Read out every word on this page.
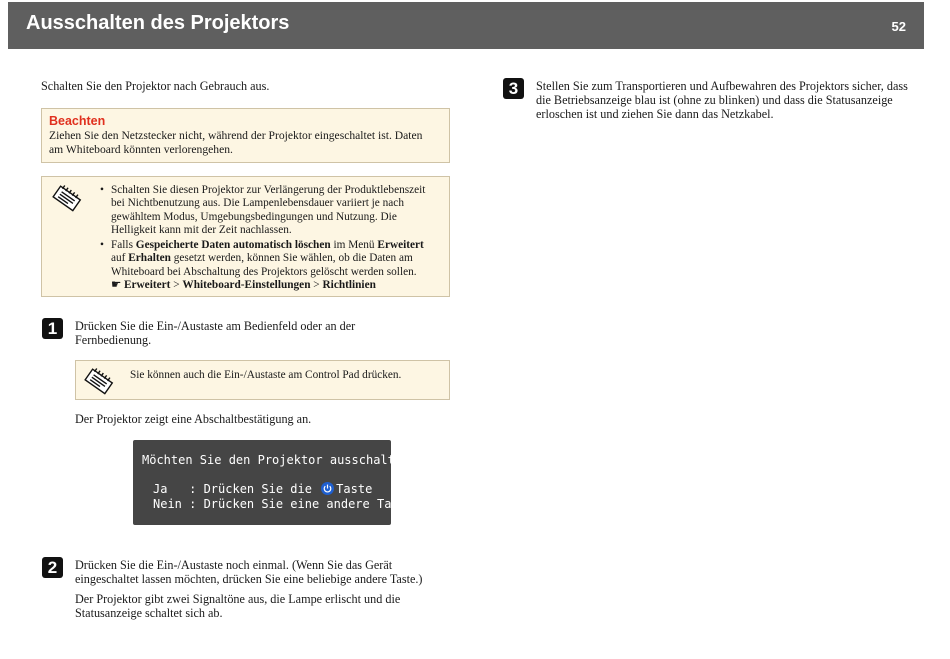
Ausschalten des Projektors	52

Schalten Sie den Projektor nach Gebrauch aus.

Beachten
Ziehen Sie den Netzstecker nicht, während der Projektor eingeschaltet ist. Daten am Whiteboard könnten verlorengehen.
• Schalten Sie diesen Projektor zur Verlängerung der Produktlebenszeit bei Nichtbenutzung aus. Die Lampenlebensdauer variiert je nach gewähltem Modus, Umgebungsbedingungen und Nutzung. Die Helligkeit kann mit der Zeit nachlassen.
• Falls Gespeicherte Daten automatisch löschen im Menü Erweitert auf Erhalten gesetzt werden, können Sie wählen, ob die Daten am Whiteboard bei Abschaltung des Projektors gelöscht werden sollen.
☛ Erweitert > Whiteboard-Einstellungen > Richtlinien
1	Drücken Sie die Ein-/Austaste am Bedienfeld oder an der Fernbedienung.

Sie können auch die Ein-/Austaste am Control Pad drücken.

Der Projektor zeigt eine Abschaltbestätigung an.

Möchten Sie den Projektor ausschalten?
Ja   : Drücken Sie die
Taste
Nein : Drücken Sie eine andere Taste
2	Drücken Sie die Ein-/Austaste noch einmal. (Wenn Sie das Gerät eingeschaltet lassen möchten, drücken Sie eine beliebige andere Taste.)

Der Projektor gibt zwei Signaltöne aus, die Lampe erlischt und die Statusanzeige schaltet sich ab.

3	Stellen Sie zum Transportieren und Aufbewahren des Projektors sicher, dass die Betriebsanzeige blau ist (ohne zu blinken) und dass die Statusanzeige erloschen ist und ziehen Sie dann das Netzkabel.
